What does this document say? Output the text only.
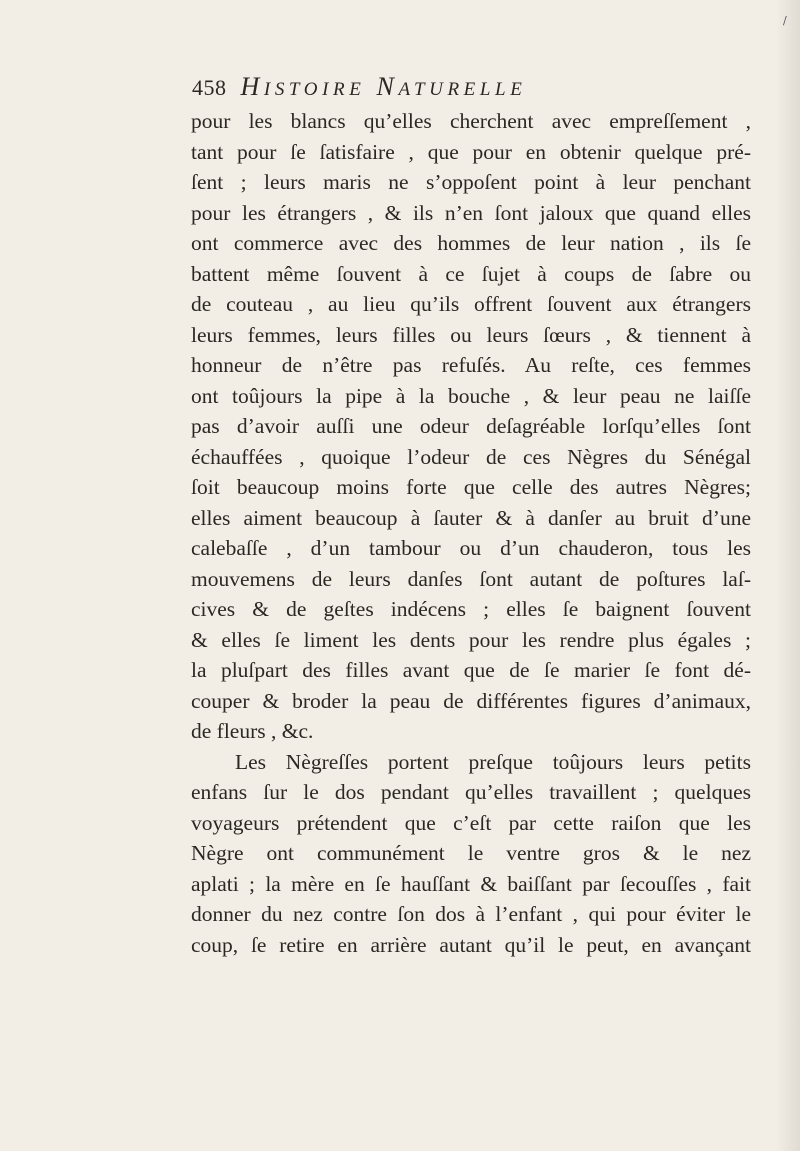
/
458 HISTOIRE NATURELLE
pour les blancs qu’elles cherchent avec empreſſement ,
tant pour ſe ſatisfaire , que pour en obtenir quelque pré-
ſent ; leurs maris ne s’oppoſent point à leur penchant
pour les étrangers , & ils n’en ſont jaloux que quand elles
ont commerce avec des hommes de leur nation , ils ſe
battent même ſouvent à ce ſujet à coups de ſabre ou
de couteau , au lieu qu’ils offrent ſouvent aux étrangers
leurs femmes, leurs filles ou leurs ſœurs , & tiennent à
honneur de n’être pas refuſés. Au reſte, ces femmes
ont toûjours la pipe à la bouche , & leur peau ne laiſſe
pas d’avoir auſſi une odeur deſagréable lorſqu’elles ſont
échauffées , quoique l’odeur de ces Nègres du Sénégal
ſoit beaucoup moins forte que celle des autres Nègres;
elles aiment beaucoup à ſauter & à danſer au bruit d’une
calebaſſe , d’un tambour ou d’un chauderon, tous les
mouvemens de leurs danſes ſont autant de poſtures laſ-
cives & de geſtes indécens ; elles ſe baignent ſouvent
& elles ſe liment les dents pour les rendre plus égales ;
la pluſpart des filles avant que de ſe marier ſe font dé-
couper & broder la peau de différentes figures d’animaux,
de fleurs , &c.
Les Nègreſſes portent preſque toûjours leurs petits
enfans ſur le dos pendant qu’elles travaillent ; quelques
voyageurs prétendent que c’eſt par cette raiſon que les
Nègre ont communément le ventre gros & le nez
aplati ; la mère en ſe hauſſant & baiſſant par ſecouſſes , fait
donner du nez contre ſon dos à l’enfant , qui pour éviter le
coup, ſe retire en arrière autant qu’il le peut, en avançant
